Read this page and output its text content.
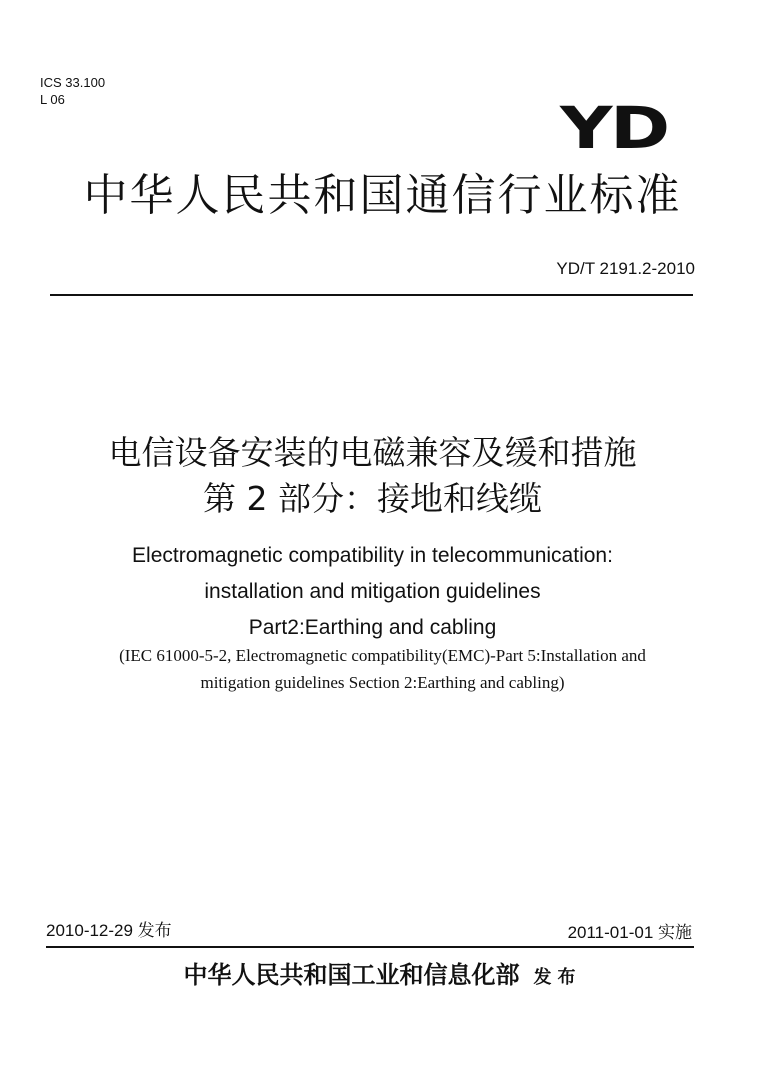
ICS 33.100
L 06	YD
中华人民共和国通信行业标准
YD/T 2191.2-2010
电信设备安装的电磁兼容及缓和措施
第 2 部分：接地和线缆
Electromagnetic compatibility in telecommunication:
installation and mitigation guidelines
Part2:Earthing and cabling
(IEC 61000-5-2, Electromagnetic compatibility(EMC)-Part 5:Installation and
mitigation guidelines Section 2:Earthing and cabling)
2010-12-29 发布	2011-01-01 实施
中华人民共和国工业和信息化部 发布
